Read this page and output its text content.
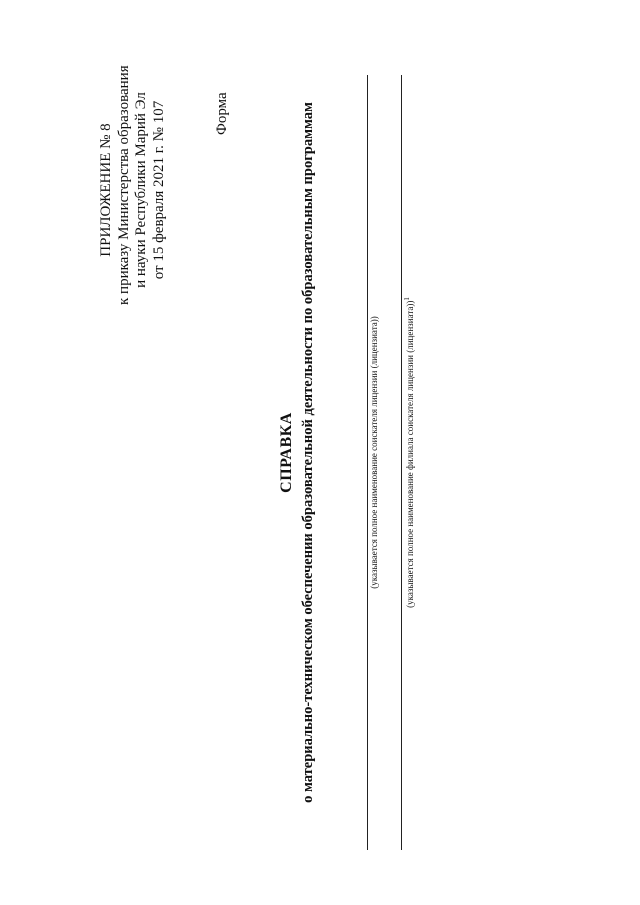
ПРИЛОЖЕНИЕ № 8 к приказу Министерства образования и науки Республики Марий Эл от 15 февраля 2021 г. № 107	Форма
СПРАВКА о материально-техническом обеспечении образовательной деятельности по образовательным программам	(указывается полное наименование соискателя лицензии (лицензиата))	(указывается полное наименование филиала соискателя лицензии (лицензиата))$^1$
